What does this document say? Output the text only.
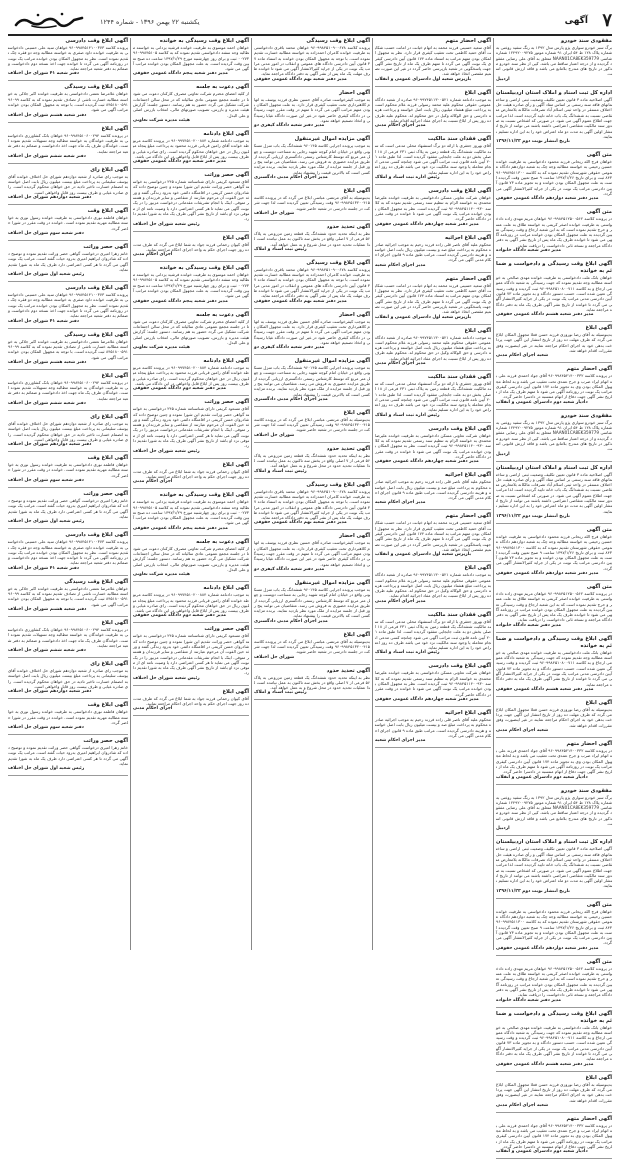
۷
آگهی
یکشنبه ۲۲ بهمن ۱۳۹۶ - شماره ۱۲۴۴
مفقودی سند خودرو
برگ سبز خودرو سواری پژو پارس مدل ۱۳۹۲ به رنگ سفید روغنی به شماره پلاک ۱۲۸ ط ۵۴ ایران ۹۱ شماره موتور ۱۲۴۹۲۰۰۹۲۷۵ شماره شاسی NAAN01CA8EK359779 متعلق به آقای علی رضایی مفقود گردیده و از درجه اعتبار ساقط می باشد. کپی از نظر سند خودرو مذکور در تاریخ های مندرج بلامانع می باشد و فاقد ارزش قانونی است.
اردبیل
اداره کل ثبت اسناد و املاک استان اردبیلستان
آگهی اصلاحیه ماده ۳ قانون تعیین تکلیف وضعیت ثبتی اراضی و ساختمانهای فاقد سند رسمی بر اساس مفاد آگهی و رأی صادره هیئت حل اختلاف مستقر در واحد ثبتی اسلام آباد تصرفات مالکانه بلامعارض متقاضی نسبت به ششدانگ یک باب خانه تایید گردیده است لذا مراتب جهت اطلاع عموم آگهی می شود. در صورتی که اشخاص نسبت به صدور سند مالکیت متقاضی اعتراضی داشته باشند می توانند از تاریخ انتشار اولین آگهی به مدت دو ماه اعتراض خود را به این اداره تسلیم نمایند.
تاریخ انتشار نوبت دوم ۱۳۹۶/۱۱/۲۲
متن آگهی
خواهان فرج الله ریحانی فرزند محمود دادخواستی به طرفیت خوانده حسین رحیمی به خواسته مطالبه وجه چک به شعبه دوازدهم دادگاه عمومی حقوقی شهرستان تقدیم نموده که به کلاسه ۹۶۰۹۹۸۴۵۱۱۳۰۰۸۴۳ ثبت و برای تاریخ ۱۳۹۷/۱/۲۶ ساعت ۹ صبح تعیین وقت گردیده است به علت مجهول المکان بودن خوانده و به تجویز ماده ۷۳ قانون آیین دادرسی مراتب یک نوبت در یکی از جراید کثیرالانتشار آگهی می گردد.
مدیر دفتر شعبه دوازدهم دادگاه عمومی حقوقی
متن آگهی
در پرونده کلاسه ۹۶۰۹۹۸۴۵۱۲۵۰۰۵۶۲ خواهان مریم مهدی زاده دادخواستی به طرفیت خوانده اصغر کریمی به خواسته طلاق به علت عسر و حرج تقدیم نموده است که به این شعبه ارجاع و وقت رسیدگی تعیین گردیده به علت مجهول المکان بودن خوانده مراتب در روزنامه آگهی می شود تا خوانده ظرف یک ماه پس از تاریخ نشر آگهی به دفتر دادگاه مراجعه و نسخه ثانی دادخواست را دریافت نماید.
مدیر دفتر شعبه دادگاه خانواده
آگهی ابلاغ وقت رسیدگی و دادخواست و ضمائم به خوانده
خواهان بانک ملت دادخواستی به طرفیت خوانده مهدی صالحی به خواسته مطالبه وجه تقدیم نموده که جهت رسیدگی به شعبه دادگاه عمومی ارجاع و به کلاسه ۹۶۰۹۹۸۴۵۱۰۸۰۰۷۱۱ ثبت گردیده و وقت رسیدگی تعیین شده است. حسب دستور دادگاه و به تجویز ماده ۷۳ قانون آیین دادرسی مدنی مراتب یک نوبت در یکی از جراید کثیرالانتشار آگهی می گردد تا خوانده از تاریخ نشر آگهی ظرف یک ماه به دفتر دادگاه مراجعه نماید.
مدیر دفتر شعبه هشتم دادگاه عمومی حقوقی
آگهی ابلاغ
بدینوسیله به آقای رضا نوروزی فرزند حسن فعلا مجهول المکان ابلاغ می گردد که ظرف مهلت ده روز از تاریخ انتشار این آگهی جهت پرداخت بدهی خود به اجرای احکام مراجعه نمایند در غیر اینصورت وفق مقررات اقدام خواهد شد.
شعبه اجرای احکام مدنی
آگهی احضار متهم
در پرونده کلاسه ۹۶۰۹۹۸۴۵۲۱۴۰۰۳۳۲ آقای جواد احمدی فرزند علی به اتهام ایراد ضرب و جرح عمدی تحت تعقیب می باشد و به لحاظ مجهول المکان بودن وی به تجویز ماده ۱۷۴ قانون آیین دادرسی کیفری مراتب یک نوبت در روزنامه آگهی می شود تا متهم ظرف یک ماه از تاریخ نشر آگهی جهت دفاع از اتهام منتسبه در دادسرا حاضر گردد.
دادیار شعبه دوم دادسرای عمومی و انقلاب
مفقودی سند خودرو
برگ سبز خودرو سواری پژو پارس مدل ۱۳۹۲ به رنگ سفید روغنی به شماره پلاک ۱۲۸ ط ۵۴ ایران ۹۱ شماره موتور ۱۲۴۹۲۰۰۹۲۷۵ شماره شاسی NAAN01CA8EK359779 متعلق به آقای علی رضایی مفقود گردیده و از درجه اعتبار ساقط می باشد. کپی از نظر سند خودرو مذکور در تاریخ های مندرج بلامانع می باشد و فاقد ارزش قانونی است.
اردبیل
اداره کل ثبت اسناد و املاک استان اردبیلستان
آگهی اصلاحیه ماده ۳ قانون تعیین تکلیف وضعیت ثبتی اراضی و ساختمانهای فاقد سند رسمی بر اساس مفاد آگهی و رأی صادره هیئت حل اختلاف مستقر در واحد ثبتی اسلام آباد تصرفات مالکانه بلامعارض متقاضی نسبت به ششدانگ یک باب خانه تایید گردیده است لذا مراتب جهت اطلاع عموم آگهی می شود. در صورتی که اشخاص نسبت به صدور سند مالکیت متقاضی اعتراضی داشته باشند می توانند از تاریخ انتشار اولین آگهی به مدت دو ماه اعتراض خود را به این اداره تسلیم نمایند.
تاریخ انتشار نوبت دوم ۱۳۹۶/۱۱/۲۲
متن آگهی
خواهان فرج الله ریحانی فرزند محمود دادخواستی به طرفیت خوانده حسین رحیمی به خواسته مطالبه وجه چک به شعبه دوازدهم دادگاه عمومی حقوقی شهرستان تقدیم نموده که به کلاسه ۹۶۰۹۹۸۴۵۱۱۳۰۰۸۴۳ ثبت و برای تاریخ ۱۳۹۷/۱/۲۶ ساعت ۹ صبح تعیین وقت گردیده است به علت مجهول المکان بودن خوانده و به تجویز ماده ۷۳ قانون آیین دادرسی مراتب یک نوبت در یکی از جراید کثیرالانتشار آگهی می گردد.
مدیر دفتر شعبه دوازدهم دادگاه عمومی حقوقی
متن آگهی
در پرونده کلاسه ۹۶۰۹۹۸۴۵۱۲۵۰۰۵۶۲ خواهان مریم مهدی زاده دادخواستی به طرفیت خوانده اصغر کریمی به خواسته طلاق به علت عسر و حرج تقدیم نموده است که به این شعبه ارجاع و وقت رسیدگی تعیین گردیده به علت مجهول المکان بودن خوانده مراتب در روزنامه آگهی می شود تا خوانده ظرف یک ماه پس از تاریخ نشر آگهی به دفتر دادگاه مراجعه و نسخه ثانی دادخواست را دریافت نماید.
مدیر دفتر شعبه دادگاه خانواده
آگهی ابلاغ وقت رسیدگی و دادخواست و ضمائم به خوانده
خواهان بانک ملت دادخواستی به طرفیت خوانده مهدی صالحی به خواسته مطالبه وجه تقدیم نموده که جهت رسیدگی به شعبه دادگاه عمومی ارجاع و به کلاسه ۹۶۰۹۹۸۴۵۱۰۸۰۰۷۱۱ ثبت گردیده و وقت رسیدگی تعیین شده است. حسب دستور دادگاه و به تجویز ماده ۷۳ قانون آیین دادرسی مدنی مراتب یک نوبت در یکی از جراید کثیرالانتشار آگهی می گردد تا خوانده از تاریخ نشر آگهی ظرف یک ماه به دفتر دادگاه مراجعه نماید.
مدیر دفتر شعبه هشتم دادگاه عمومی حقوقی
آگهی ابلاغ
بدینوسیله به آقای رضا نوروزی فرزند حسن فعلا مجهول المکان ابلاغ می گردد که ظرف مهلت ده روز از تاریخ انتشار این آگهی جهت پرداخت بدهی خود به اجرای احکام مراجعه نمایند در غیر اینصورت وفق مقررات اقدام خواهد شد.
شعبه اجرای احکام مدنی
آگهی احضار متهم
در پرونده کلاسه ۹۶۰۹۹۸۴۵۲۱۴۰۰۳۳۲ آقای جواد احمدی فرزند علی به اتهام ایراد ضرب و جرح عمدی تحت تعقیب می باشد و به لحاظ مجهول المکان بودن وی به تجویز ماده ۱۷۴ قانون آیین دادرسی کیفری مراتب یک نوبت در روزنامه آگهی می شود تا متهم ظرف یک ماه از تاریخ نشر آگهی جهت دفاع از اتهام منتسبه در دادسرا حاضر گردد.
دادیار شعبه دوم دادسرای عمومی و انقلاب
مفقودی سند خودرو
برگ سبز خودرو سواری پژو پارس مدل ۱۳۹۲ به رنگ سفید روغنی به شماره پلاک ۱۲۸ ط ۵۴ ایران ۹۱ شماره موتور ۱۲۴۹۲۰۰۹۲۷۵ شماره شاسی NAAN01CA8EK359779 متعلق به آقای علی رضایی مفقود گردیده و از درجه اعتبار ساقط می باشد. کپی از نظر سند خودرو مذکور در تاریخ های مندرج بلامانع می باشد و فاقد ارزش قانونی است.
اردبیل
اداره کل ثبت اسناد و املاک استان اردبیلستان
آگهی اصلاحیه ماده ۳ قانون تعیین تکلیف وضعیت ثبتی اراضی و ساختمانهای فاقد سند رسمی بر اساس مفاد آگهی و رأی صادره هیئت حل اختلاف مستقر در واحد ثبتی اسلام آباد تصرفات مالکانه بلامعارض متقاضی نسبت به ششدانگ یک باب خانه تایید گردیده است لذا مراتب جهت اطلاع عموم آگهی می شود. در صورتی که اشخاص نسبت به صدور سند مالکیت متقاضی اعتراضی داشته باشند می توانند از تاریخ انتشار اولین آگهی به مدت دو ماه اعتراض خود را به این اداره تسلیم نمایند.
تاریخ انتشار نوبت دوم ۱۳۹۶/۱۱/۲۲
متن آگهی
خواهان فرج الله ریحانی فرزند محمود دادخواستی به طرفیت خوانده حسین رحیمی به خواسته مطالبه وجه چک به شعبه دوازدهم دادگاه عمومی حقوقی شهرستان تقدیم نموده که به کلاسه ۹۶۰۹۹۸۴۵۱۱۳۰۰۸۴۳ ثبت و برای تاریخ ۱۳۹۷/۱/۲۶ ساعت ۹ صبح تعیین وقت گردیده است به علت مجهول المکان بودن خوانده و به تجویز ماده ۷۳ قانون آیین دادرسی مراتب یک نوبت در یکی از جراید کثیرالانتشار آگهی می گردد.
مدیر دفتر شعبه دوازدهم دادگاه عمومی حقوقی
متن آگهی
در پرونده کلاسه ۹۶۰۹۹۸۴۵۱۲۵۰۰۵۶۲ خواهان مریم مهدی زاده دادخواستی به طرفیت خوانده اصغر کریمی به خواسته طلاق به علت عسر و حرج تقدیم نموده است که به این شعبه ارجاع و وقت رسیدگی تعیین گردیده به علت مجهول المکان بودن خوانده مراتب در روزنامه آگهی می شود تا خوانده ظرف یک ماه پس از تاریخ نشر آگهی به دفتر دادگاه مراجعه و نسخه ثانی دادخواست را دریافت نماید.
مدیر دفتر شعبه دادگاه خانواده
آگهی ابلاغ وقت رسیدگی و دادخواست و ضمائم به خوانده
خواهان بانک ملت دادخواستی به طرفیت خوانده مهدی صالحی به خواسته مطالبه وجه تقدیم نموده که جهت رسیدگی به شعبه دادگاه عمومی ارجاع و به کلاسه ۹۶۰۹۹۸۴۵۱۰۸۰۰۷۱۱ ثبت گردیده و وقت رسیدگی تعیین شده است. حسب دستور دادگاه و به تجویز ماده ۷۳ قانون آیین دادرسی مدنی مراتب یک نوبت در یکی از جراید کثیرالانتشار آگهی می گردد تا خوانده از تاریخ نشر آگهی ظرف یک ماه به دفتر دادگاه مراجعه نماید.
مدیر دفتر شعبه هشتم دادگاه عمومی حقوقی
آگهی ابلاغ
بدینوسیله به آقای رضا نوروزی فرزند حسن فعلا مجهول المکان ابلاغ می گردد که ظرف مهلت ده روز از تاریخ انتشار این آگهی جهت پرداخت بدهی خود به اجرای احکام مراجعه نمایند در غیر اینصورت وفق مقررات اقدام خواهد شد.
شعبه اجرای احکام مدنی
آگهی احضار متهم
در پرونده کلاسه ۹۶۰۹۹۸۴۵۲۱۴۰۰۳۳۲ آقای جواد احمدی فرزند علی به اتهام ایراد ضرب و جرح عمدی تحت تعقیب می باشد و به لحاظ مجهول المکان بودن وی به تجویز ماده ۱۷۴ قانون آیین دادرسی کیفری مراتب یک نوبت در روزنامه آگهی می شود تا متهم ظرف یک ماه از تاریخ نشر آگهی جهت دفاع از اتهام منتسبه در دادسرا حاضر گردد.
دادیار شعبه دوم دادسرای عمومی و انقلاب
آگهی احضار متهم
آقای سعید حسینی فرزند محمد به اتهام خیانت در امانت حسب شکایت آقای حمید کاظمی تحت تعقیب کیفری قرار دارد. نظر به مجهول المکان بودن متهم مراتب به استناد ماده ۱۷۴ قانون آیین دادرسی کیفری یک نوبت آگهی می گردد تا متهم ظرف یک ماه از تاریخ نشر آگهی جهت پاسخگویی در شعبه بازپرسی حاضر گردد در غیر این صورت تصمیم مقتضی اتخاذ خواهد شد.
بازپرس شعبه اول دادسرای عمومی و انقلاب
آگهی ابلاغ
به موجب دادنامه شماره ۹۶۰۹۹۷۴۵۱۱۳۰۰۵۲۱ صادره از شعبه دادگاه عمومی حقوقی محکوم علیه محمد رسولی فرزند غلام محکوم است به پرداخت مبلغ هشتاد میلیون ریال بابت اصل خواسته و پرداخت هزینه دادرسی و حق الوکاله وکیل در حق محکوم له. محکوم علیه ظرف ده روز پس از ابلاغ نسبت به اجرای مفاد اجرائیه اقدام نماید.
مدیر اجرای احکام مدنی
آگهی فقدان سند مالکیت
آقای بهروز جعفری با ارائه دو برگ استشهاد محلی مدعی است که سند مالکیت ششدانگ یک قطعه زمین به پلاک ثبتی ۲۳۱ فرعی از ۱۸ اصلی بخش دو به علت جابجایی مفقود گردیده است. لذا طبق ماده ۱۲۰ آیین نامه قانون ثبت مراتب آگهی می شود چنانچه کسی مدعی انجام معامله یا وجود سند مالکیت نزد خود می باشد ظرف ده روز اعتراض خود را به این اداره تسلیم نماید.
رئیس اداره ثبت اسناد و املاک
آگهی ابلاغ وقت دادرسی
خواهان شرکت تعاونی مسکن دادخواستی به طرفیت خوانده علیرضا محمدی به خواسته الزام به تنظیم سند رسمی تقدیم نموده که به کلاسه ۹۶۰۹۹۸۴۵۱۱۴۰۰۹۳۰ ثبت گردیده است. نظر به مجهول المکان بودن خوانده مراتب یک نوبت آگهی می شود تا خوانده در وقت مقرر در دادگاه حاضر گردد.
مدیر دفتر شعبه چهاردهم دادگاه عمومی حقوقی
آگهی ابلاغ اجرائیه
محکوم علیه آقای ناصر قلی زاده فرزند رحیم به موجب اجرائیه صادره محکوم به پرداخت مبلغ صد و بیست میلیون ریال بابت اصل خواسته و هزینه دادرسی گردیده است. مراتب طبق ماده ۹ قانون اجرای احکام مدنی آگهی می گردد.
مدیر اجرای احکام شعبه
آگهی احضار متهم
آقای سعید حسینی فرزند محمد به اتهام خیانت در امانت حسب شکایت آقای حمید کاظمی تحت تعقیب کیفری قرار دارد. نظر به مجهول المکان بودن متهم مراتب به استناد ماده ۱۷۴ قانون آیین دادرسی کیفری یک نوبت آگهی می گردد تا متهم ظرف یک ماه از تاریخ نشر آگهی جهت پاسخگویی در شعبه بازپرسی حاضر گردد در غیر این صورت تصمیم مقتضی اتخاذ خواهد شد.
بازپرس شعبه اول دادسرای عمومی و انقلاب
آگهی ابلاغ
به موجب دادنامه شماره ۹۶۰۹۹۷۴۵۱۱۳۰۰۵۲۱ صادره از شعبه دادگاه عمومی حقوقی محکوم علیه محمد رسولی فرزند غلام محکوم است به پرداخت مبلغ هشتاد میلیون ریال بابت اصل خواسته و پرداخت هزینه دادرسی و حق الوکاله وکیل در حق محکوم له. محکوم علیه ظرف ده روز پس از ابلاغ نسبت به اجرای مفاد اجرائیه اقدام نماید.
مدیر اجرای احکام مدنی
آگهی فقدان سند مالکیت
آقای بهروز جعفری با ارائه دو برگ استشهاد محلی مدعی است که سند مالکیت ششدانگ یک قطعه زمین به پلاک ثبتی ۲۳۱ فرعی از ۱۸ اصلی بخش دو به علت جابجایی مفقود گردیده است. لذا طبق ماده ۱۲۰ آیین نامه قانون ثبت مراتب آگهی می شود چنانچه کسی مدعی انجام معامله یا وجود سند مالکیت نزد خود می باشد ظرف ده روز اعتراض خود را به این اداره تسلیم نماید.
رئیس اداره ثبت اسناد و املاک
آگهی ابلاغ وقت دادرسی
خواهان شرکت تعاونی مسکن دادخواستی به طرفیت خوانده علیرضا محمدی به خواسته الزام به تنظیم سند رسمی تقدیم نموده که به کلاسه ۹۶۰۹۹۸۴۵۱۱۴۰۰۹۳۰ ثبت گردیده است. نظر به مجهول المکان بودن خوانده مراتب یک نوبت آگهی می شود تا خوانده در وقت مقرر در دادگاه حاضر گردد.
مدیر دفتر شعبه چهاردهم دادگاه عمومی حقوقی
آگهی ابلاغ اجرائیه
محکوم علیه آقای ناصر قلی زاده فرزند رحیم به موجب اجرائیه صادره محکوم به پرداخت مبلغ صد و بیست میلیون ریال بابت اصل خواسته و هزینه دادرسی گردیده است. مراتب طبق ماده ۹ قانون اجرای احکام مدنی آگهی می گردد.
مدیر اجرای احکام شعبه
آگهی احضار متهم
آقای سعید حسینی فرزند محمد به اتهام خیانت در امانت حسب شکایت آقای حمید کاظمی تحت تعقیب کیفری قرار دارد. نظر به مجهول المکان بودن متهم مراتب به استناد ماده ۱۷۴ قانون آیین دادرسی کیفری یک نوبت آگهی می گردد تا متهم ظرف یک ماه از تاریخ نشر آگهی جهت پاسخگویی در شعبه بازپرسی حاضر گردد در غیر این صورت تصمیم مقتضی اتخاذ خواهد شد.
بازپرس شعبه اول دادسرای عمومی و انقلاب
آگهی ابلاغ
به موجب دادنامه شماره ۹۶۰۹۹۷۴۵۱۱۳۰۰۵۲۱ صادره از شعبه دادگاه عمومی حقوقی محکوم علیه محمد رسولی فرزند غلام محکوم است به پرداخت مبلغ هشتاد میلیون ریال بابت اصل خواسته و پرداخت هزینه دادرسی و حق الوکاله وکیل در حق محکوم له. محکوم علیه ظرف ده روز پس از ابلاغ نسبت به اجرای مفاد اجرائیه اقدام نماید.
مدیر اجرای احکام مدنی
آگهی فقدان سند مالکیت
آقای بهروز جعفری با ارائه دو برگ استشهاد محلی مدعی است که سند مالکیت ششدانگ یک قطعه زمین به پلاک ثبتی ۲۳۱ فرعی از ۱۸ اصلی بخش دو به علت جابجایی مفقود گردیده است. لذا طبق ماده ۱۲۰ آیین نامه قانون ثبت مراتب آگهی می شود چنانچه کسی مدعی انجام معامله یا وجود سند مالکیت نزد خود می باشد ظرف ده روز اعتراض خود را به این اداره تسلیم نماید.
رئیس اداره ثبت اسناد و املاک
آگهی ابلاغ وقت دادرسی
خواهان شرکت تعاونی مسکن دادخواستی به طرفیت خوانده علیرضا محمدی به خواسته الزام به تنظیم سند رسمی تقدیم نموده که به کلاسه ۹۶۰۹۹۸۴۵۱۱۴۰۰۹۳۰ ثبت گردیده است. نظر به مجهول المکان بودن خوانده مراتب یک نوبت آگهی می شود تا خوانده در وقت مقرر در دادگاه حاضر گردد.
مدیر دفتر شعبه چهاردهم دادگاه عمومی حقوقی
آگهی ابلاغ اجرائیه
محکوم علیه آقای ناصر قلی زاده فرزند رحیم به موجب اجرائیه صادره محکوم به پرداخت مبلغ صد و بیست میلیون ریال بابت اصل خواسته و هزینه دادرسی گردیده است. مراتب طبق ماده ۹ قانون اجرای احکام مدنی آگهی می گردد.
مدیر اجرای احکام شعبه
آگهی ابلاغ وقت رسیدگی
پرونده کلاسه ۹۶۰۹۹۸۴۵۱۰۹۰۰۶۷۸ خواهان محمد باقری دادخواستی به طرفیت خوانده کامران احمدزاده به خواسته مطالبه خسارت تقدیم نموده است. با توجه به مجهول المکان بودن خوانده به استناد ماده ۷۳ قانون آیین دادرسی دادگاه های عمومی و انقلاب در امور مدنی مراتب یک نوبت در یکی از جراید کثیرالانتشار آگهی می شود تا خوانده ظرف مهلت یک ماه پس از نشر آگهی به دفتر دادگاه مراجعه نماید.
مدیر دفتر شعبه نهم دادگاه عمومی حقوقی
آگهی احضار
به موجب کیفرخواست صادره آقای حسین نظری فرزند یوسف به اتهام کلاهبرداری تحت تعقیب کیفری قرار دارد. به علت مجهول المکان بودن متهم مراتب آگهی می گردد تا متهم در وقت مقرر جهت رسیدگی در دادگاه کیفری حاضر شود در غیر این صورت دادگاه غیابا رسیدگی و اتخاذ تصمیم خواهد نمود.
مدیر دفتر شعبه دادگاه کیفری دو
آگهی مزایده اموال غیرمنقول
به موجب پرونده اجرایی کلاسه ۹۶۰۱۴۵ ششدانگ یک باب منزل مسکونی واقع در خیابان امام کوچه شهید رجایی به مساحت دویست و چهل متر مربع که توسط کارشناس رسمی دادگستری ارزیابی گردیده از طریق مزایده حضوری به فروش می رسد. متقاضیان می توانند پنج روز قبل از جلسه مزایده از ملک مورد نظر بازدید نمایند. برنده مزایده کسی است که بالاترین قیمت را پیشنهاد نماید.
مدیر اجرای احکام مدنی دادگستری
آگهی ابلاغ
بدینوسیله به آقای مرتضی عباسی ابلاغ می گردد که در پرونده کلاسه ۹۶۰۹۹۸۴۵۱۳۲۰۰۴۱۵ وقت رسیدگی تعیین گردیده است لذا جهت شرکت در جلسه دادرسی در شعبه حاضر شوید.
شورای حل اختلاف
آگهی تحدید حدود
نظر به اینکه تحدید حدود ششدانگ یک قطعه زمین مزروعی به پلاک ۵۶ فرعی از ۷ اصلی واقع در بخش سه تاکنون به عمل نیامده است لذا عملیات تحدید حدود در محل شروع و به عمل خواهد آمد.
رئیس ثبت اسناد و املاک
آگهی ابلاغ وقت رسیدگی
پرونده کلاسه ۹۶۰۹۹۸۴۵۱۰۹۰۰۶۷۸ خواهان محمد باقری دادخواستی به طرفیت خوانده کامران احمدزاده به خواسته مطالبه خسارت تقدیم نموده است. با توجه به مجهول المکان بودن خوانده به استناد ماده ۷۳ قانون آیین دادرسی دادگاه های عمومی و انقلاب در امور مدنی مراتب یک نوبت در یکی از جراید کثیرالانتشار آگهی می شود تا خوانده ظرف مهلت یک ماه پس از نشر آگهی به دفتر دادگاه مراجعه نماید.
مدیر دفتر شعبه نهم دادگاه عمومی حقوقی
آگهی احضار
به موجب کیفرخواست صادره آقای حسین نظری فرزند یوسف به اتهام کلاهبرداری تحت تعقیب کیفری قرار دارد. به علت مجهول المکان بودن متهم مراتب آگهی می گردد تا متهم در وقت مقرر جهت رسیدگی در دادگاه کیفری حاضر شود در غیر این صورت دادگاه غیابا رسیدگی و اتخاذ تصمیم خواهد نمود.
مدیر دفتر شعبه دادگاه کیفری دو
آگهی مزایده اموال غیرمنقول
به موجب پرونده اجرایی کلاسه ۹۶۰۱۴۵ ششدانگ یک باب منزل مسکونی واقع در خیابان امام کوچه شهید رجایی به مساحت دویست و چهل متر مربع که توسط کارشناس رسمی دادگستری ارزیابی گردیده از طریق مزایده حضوری به فروش می رسد. متقاضیان می توانند پنج روز قبل از جلسه مزایده از ملک مورد نظر بازدید نمایند. برنده مزایده کسی است که بالاترین قیمت را پیشنهاد نماید.
مدیر اجرای احکام مدنی دادگستری
آگهی ابلاغ
بدینوسیله به آقای مرتضی عباسی ابلاغ می گردد که در پرونده کلاسه ۹۶۰۹۹۸۴۵۱۳۲۰۰۴۱۵ وقت رسیدگی تعیین گردیده است لذا جهت شرکت در جلسه دادرسی در شعبه حاضر شوید.
شورای حل اختلاف
آگهی تحدید حدود
نظر به اینکه تحدید حدود ششدانگ یک قطعه زمین مزروعی به پلاک ۵۶ فرعی از ۷ اصلی واقع در بخش سه تاکنون به عمل نیامده است لذا عملیات تحدید حدود در محل شروع و به عمل خواهد آمد.
رئیس ثبت اسناد و املاک
آگهی ابلاغ وقت رسیدگی
پرونده کلاسه ۹۶۰۹۹۸۴۵۱۰۹۰۰۶۷۸ خواهان محمد باقری دادخواستی به طرفیت خوانده کامران احمدزاده به خواسته مطالبه خسارت تقدیم نموده است. با توجه به مجهول المکان بودن خوانده به استناد ماده ۷۳ قانون آیین دادرسی دادگاه های عمومی و انقلاب در امور مدنی مراتب یک نوبت در یکی از جراید کثیرالانتشار آگهی می شود تا خوانده ظرف مهلت یک ماه پس از نشر آگهی به دفتر دادگاه مراجعه نماید.
مدیر دفتر شعبه نهم دادگاه عمومی حقوقی
آگهی احضار
به موجب کیفرخواست صادره آقای حسین نظری فرزند یوسف به اتهام کلاهبرداری تحت تعقیب کیفری قرار دارد. به علت مجهول المکان بودن متهم مراتب آگهی می گردد تا متهم در وقت مقرر جهت رسیدگی در دادگاه کیفری حاضر شود در غیر این صورت دادگاه غیابا رسیدگی و اتخاذ تصمیم خواهد نمود.
مدیر دفتر شعبه دادگاه کیفری دو
آگهی مزایده اموال غیرمنقول
به موجب پرونده اجرایی کلاسه ۹۶۰۱۴۵ ششدانگ یک باب منزل مسکونی واقع در خیابان امام کوچه شهید رجایی به مساحت دویست و چهل متر مربع که توسط کارشناس رسمی دادگستری ارزیابی گردیده از طریق مزایده حضوری به فروش می رسد. متقاضیان می توانند پنج روز قبل از جلسه مزایده از ملک مورد نظر بازدید نمایند. برنده مزایده کسی است که بالاترین قیمت را پیشنهاد نماید.
مدیر اجرای احکام مدنی دادگستری
آگهی ابلاغ
بدینوسیله به آقای مرتضی عباسی ابلاغ می گردد که در پرونده کلاسه ۹۶۰۹۹۸۴۵۱۳۲۰۰۴۱۵ وقت رسیدگی تعیین گردیده است لذا جهت شرکت در جلسه دادرسی در شعبه حاضر شوید.
شورای حل اختلاف
آگهی تحدید حدود
نظر به اینکه تحدید حدود ششدانگ یک قطعه زمین مزروعی به پلاک ۵۶ فرعی از ۷ اصلی واقع در بخش سه تاکنون به عمل نیامده است لذا عملیات تحدید حدود در محل شروع و به عمل خواهد آمد.
رئیس ثبت اسناد و املاک
آگهی ابلاغ وقت رسیدگی به خوانده
خواهان احمد موسوی به طرفیت خوانده فرشید یزدانی به خواسته مطالبه وجه سفته دادخواستی تقدیم نموده که به کلاسه ۹۶۰۹۹۸۴۵۱۰۵۰۰۲۷۳ ثبت و برای روز چهارشنبه مورخ ۱۳۹۷/۱/۲۹ ساعت ده صبح تعیین وقت گردیده است. به علت مجهول المکان بودن خوانده مراتب آگهی می شود.
مدیر دفتر شعبه پنجم دادگاه عمومی حقوقی
آگهی دعوت به جلسه
از کلیه اعضای محترم شرکت تعاونی مصرف کارکنان دعوت می شود تا در جلسه مجمع عمومی عادی سالیانه که در محل سالن اجتماعات شرکت تشکیل می گردد حضور به هم رسانند. دستور جلسه: گزارش هیئت مدیره و بازرس، تصویب صورتهای مالی، انتخاب بازرس اصلی و علی البدل.
هیئت مدیره شرکت تعاونی
آگهی ابلاغ دادنامه
به موجب دادنامه شماره ۹۶۰۹۹۷۴۵۱۰۲۰۰۸۸۴ در پرونده کلاسه مربوطه خوانده آقای رامین قربانی فرزند محمود به پرداخت مبلغ پنجاه میلیون ریال در حق خواهان محکوم گردیده است. رای صادره غیابی و ظرف بیست روز پس از ابلاغ قابل واخواهی در این دادگاه می باشد.
مدیر دفتر شعبه دوم دادگاه عمومی حقوقی
آگهی حصر وراثت
آقای مسعود کریمی دارای شناسنامه شماره ۲۴۵ درخواستی به خواسته گواهی حصر وراثت تقدیم این شورا نموده و چنین توضیح داده که شادروان حسن کریمی در اقامتگاه دائمی خود بدرود زندگی گفته و ورثه حین الفوت آن مرحوم عبارتند از متقاضی و سایر فرزندان و همسر متوفی. اینک با انجام تشریفات مقدماتی درخواست مزبور را در یک نوبت آگهی می نماید تا هر کسی اعتراضی دارد یا وصیت نامه ای از متوفی نزد او باشد از تاریخ نشر آگهی ظرف یک ماه به شورا تقدیم دارد.
رئیس شعبه شورای حل اختلاف
آگهی ابلاغ
آقای کیوان رحمانی فرزند جواد به شما ابلاغ می گردد که ظرف مدت ده روز جهت اجرای حکم به واحد اجرای احکام مراجعه نمایید.
اجرای احکام مدنی
آگهی ابلاغ وقت رسیدگی به خوانده
خواهان احمد موسوی به طرفیت خوانده فرشید یزدانی به خواسته مطالبه وجه سفته دادخواستی تقدیم نموده که به کلاسه ۹۶۰۹۹۸۴۵۱۰۵۰۰۲۷۳ ثبت و برای روز چهارشنبه مورخ ۱۳۹۷/۱/۲۹ ساعت ده صبح تعیین وقت گردیده است. به علت مجهول المکان بودن خوانده مراتب آگهی می شود.
مدیر دفتر شعبه پنجم دادگاه عمومی حقوقی
آگهی دعوت به جلسه
از کلیه اعضای محترم شرکت تعاونی مصرف کارکنان دعوت می شود تا در جلسه مجمع عمومی عادی سالیانه که در محل سالن اجتماعات شرکت تشکیل می گردد حضور به هم رسانند. دستور جلسه: گزارش هیئت مدیره و بازرس، تصویب صورتهای مالی، انتخاب بازرس اصلی و علی البدل.
هیئت مدیره شرکت تعاونی
آگهی ابلاغ دادنامه
به موجب دادنامه شماره ۹۶۰۹۹۷۴۵۱۰۲۰۰۸۸۴ در پرونده کلاسه مربوطه خوانده آقای رامین قربانی فرزند محمود به پرداخت مبلغ پنجاه میلیون ریال در حق خواهان محکوم گردیده است. رای صادره غیابی و ظرف بیست روز پس از ابلاغ قابل واخواهی در این دادگاه می باشد.
مدیر دفتر شعبه دوم دادگاه عمومی حقوقی
آگهی حصر وراثت
آقای مسعود کریمی دارای شناسنامه شماره ۲۴۵ درخواستی به خواسته گواهی حصر وراثت تقدیم این شورا نموده و چنین توضیح داده که شادروان حسن کریمی در اقامتگاه دائمی خود بدرود زندگی گفته و ورثه حین الفوت آن مرحوم عبارتند از متقاضی و سایر فرزندان و همسر متوفی. اینک با انجام تشریفات مقدماتی درخواست مزبور را در یک نوبت آگهی می نماید تا هر کسی اعتراضی دارد یا وصیت نامه ای از متوفی نزد او باشد از تاریخ نشر آگهی ظرف یک ماه به شورا تقدیم دارد.
رئیس شعبه شورای حل اختلاف
آگهی ابلاغ
آقای کیوان رحمانی فرزند جواد به شما ابلاغ می گردد که ظرف مدت ده روز جهت اجرای حکم به واحد اجرای احکام مراجعه نمایید.
اجرای احکام مدنی
آگهی ابلاغ وقت رسیدگی به خوانده
خواهان احمد موسوی به طرفیت خوانده فرشید یزدانی به خواسته مطالبه وجه سفته دادخواستی تقدیم نموده که به کلاسه ۹۶۰۹۹۸۴۵۱۰۵۰۰۲۷۳ ثبت و برای روز چهارشنبه مورخ ۱۳۹۷/۱/۲۹ ساعت ده صبح تعیین وقت گردیده است. به علت مجهول المکان بودن خوانده مراتب آگهی می شود.
مدیر دفتر شعبه پنجم دادگاه عمومی حقوقی
آگهی دعوت به جلسه
از کلیه اعضای محترم شرکت تعاونی مصرف کارکنان دعوت می شود تا در جلسه مجمع عمومی عادی سالیانه که در محل سالن اجتماعات شرکت تشکیل می گردد حضور به هم رسانند. دستور جلسه: گزارش هیئت مدیره و بازرس، تصویب صورتهای مالی، انتخاب بازرس اصلی و علی البدل.
هیئت مدیره شرکت تعاونی
آگهی ابلاغ دادنامه
به موجب دادنامه شماره ۹۶۰۹۹۷۴۵۱۰۲۰۰۸۸۴ در پرونده کلاسه مربوطه خوانده آقای رامین قربانی فرزند محمود به پرداخت مبلغ پنجاه میلیون ریال در حق خواهان محکوم گردیده است. رای صادره غیابی و ظرف بیست روز پس از ابلاغ قابل واخواهی در این دادگاه می باشد.
مدیر دفتر شعبه دوم دادگاه عمومی حقوقی
آگهی حصر وراثت
آقای مسعود کریمی دارای شناسنامه شماره ۲۴۵ درخواستی به خواسته گواهی حصر وراثت تقدیم این شورا نموده و چنین توضیح داده که شادروان حسن کریمی در اقامتگاه دائمی خود بدرود زندگی گفته و ورثه حین الفوت آن مرحوم عبارتند از متقاضی و سایر فرزندان و همسر متوفی. اینک با انجام تشریفات مقدماتی درخواست مزبور را در یک نوبت آگهی می نماید تا هر کسی اعتراضی دارد یا وصیت نامه ای از متوفی نزد او باشد از تاریخ نشر آگهی ظرف یک ماه به شورا تقدیم دارد.
رئیس شعبه شورای حل اختلاف
آگهی ابلاغ
آقای کیوان رحمانی فرزند جواد به شما ابلاغ می گردد که ظرف مدت ده روز جهت اجرای حکم به واحد اجرای احکام مراجعه نمایید.
اجرای احکام مدنی
آگهی ابلاغ وقت دادرسی
پرونده کلاسه ۹۶۰۹۹۸۴۵۱۴۱۰۰۳۷۳ خواهان سید علی حسینی دادخواستی به طرفیت خوانده داود صفری به خواسته مطالبه وجه دو فقره چک تقدیم نموده است. نظر به مجهول المکان بودن خوانده مراتب یک نوبت در روزنامه آگهی می گردد تا خوانده جهت اخذ نسخه دوم دادخواست و ضمائم به دفتر شعبه مراجعه نماید.
دفتر شعبه ۴۱ شورای حل اختلاف
آگهی ابلاغ وقت رسیدگی
خواهان غلامرضا نعمتی دادخواستی به طرفیت خوانده اکبر جلالی به خواسته مطالبه خسارت ناشی از تصادف تقدیم نموده که به کلاسه ۹۶۰۹۹۸۴۵۱۸۰۰۵۹۱ ثبت گردیده است. با توجه به مجهول المکان بودن خوانده مراتب آگهی می شود.
دفتر شعبه هشتم شورای حل اختلاف
آگهی ابلاغ
در پرونده کلاسه ۹۶۰۹۹۸۴۵۱۰۶۰۰۲۹۴ خواهان بانک کشاورزی دادخواستی به طرفیت خواندگان به خواسته مطالبه وجه تسهیلات تقدیم نموده است. خواندگان ظرف یک ماه جهت اخذ دادخواست و ضمائم به دفتر شعبه مراجعه نمایند.
دفتر شعبه ششم شورای حل اختلاف
آگهی ابلاغ رای
به موجب رای صادره از شعبه دوازدهم شورای حل اختلاف خوانده آقای یوسف سلیمانی به پرداخت مبلغ بیست میلیون ریال بابت اصل خواسته به انضمام خسارت تاخیر تادیه در حق خواهان محکوم گردیده است. رای صادره غیابی و ظرف بیست روز قابل واخواهی است.
دفتر شعبه دوازدهم شورای حل اختلاف
آگهی ابلاغ وقت
خواهان فاطمه نوری دادخواستی به طرفیت خوانده رسول نوری به خواسته مطالبه مهریه تقدیم نموده است. خوانده در وقت مقرر در شورا حاضر گردد.
دفتر شعبه سوم شورای حل اختلاف
آگهی حصر وراثت
خانم زهرا امیری درخواست گواهی حصر وراثت تقدیم نموده و توضیح داده که شادروان ابراهیم امیری بدرود حیات گفته است. مراتب یک نوبت آگهی می گردد تا هر کسی اعتراضی دارد ظرف یک ماه به شورا تقدیم نماید.
رئیس شعبه اول شورای حل اختلاف
آگهی ابلاغ وقت دادرسی
پرونده کلاسه ۹۶۰۹۹۸۴۵۱۴۱۰۰۳۷۳ خواهان سید علی حسینی دادخواستی به طرفیت خوانده داود صفری به خواسته مطالبه وجه دو فقره چک تقدیم نموده است. نظر به مجهول المکان بودن خوانده مراتب یک نوبت در روزنامه آگهی می گردد تا خوانده جهت اخذ نسخه دوم دادخواست و ضمائم به دفتر شعبه مراجعه نماید.
دفتر شعبه ۴۱ شورای حل اختلاف
آگهی ابلاغ وقت رسیدگی
خواهان غلامرضا نعمتی دادخواستی به طرفیت خوانده اکبر جلالی به خواسته مطالبه خسارت ناشی از تصادف تقدیم نموده که به کلاسه ۹۶۰۹۹۸۴۵۱۸۰۰۵۹۱ ثبت گردیده است. با توجه به مجهول المکان بودن خوانده مراتب آگهی می شود.
دفتر شعبه هشتم شورای حل اختلاف
آگهی ابلاغ
در پرونده کلاسه ۹۶۰۹۹۸۴۵۱۰۶۰۰۲۹۴ خواهان بانک کشاورزی دادخواستی به طرفیت خواندگان به خواسته مطالبه وجه تسهیلات تقدیم نموده است. خواندگان ظرف یک ماه جهت اخذ دادخواست و ضمائم به دفتر شعبه مراجعه نمایند.
دفتر شعبه ششم شورای حل اختلاف
آگهی ابلاغ رای
به موجب رای صادره از شعبه دوازدهم شورای حل اختلاف خوانده آقای یوسف سلیمانی به پرداخت مبلغ بیست میلیون ریال بابت اصل خواسته به انضمام خسارت تاخیر تادیه در حق خواهان محکوم گردیده است. رای صادره غیابی و ظرف بیست روز قابل واخواهی است.
دفتر شعبه دوازدهم شورای حل اختلاف
آگهی ابلاغ وقت
خواهان فاطمه نوری دادخواستی به طرفیت خوانده رسول نوری به خواسته مطالبه مهریه تقدیم نموده است. خوانده در وقت مقرر در شورا حاضر گردد.
دفتر شعبه سوم شورای حل اختلاف
آگهی حصر وراثت
خانم زهرا امیری درخواست گواهی حصر وراثت تقدیم نموده و توضیح داده که شادروان ابراهیم امیری بدرود حیات گفته است. مراتب یک نوبت آگهی می گردد تا هر کسی اعتراضی دارد ظرف یک ماه به شورا تقدیم نماید.
رئیس شعبه اول شورای حل اختلاف
آگهی ابلاغ وقت دادرسی
پرونده کلاسه ۹۶۰۹۹۸۴۵۱۴۱۰۰۳۷۳ خواهان سید علی حسینی دادخواستی به طرفیت خوانده داود صفری به خواسته مطالبه وجه دو فقره چک تقدیم نموده است. نظر به مجهول المکان بودن خوانده مراتب یک نوبت در روزنامه آگهی می گردد تا خوانده جهت اخذ نسخه دوم دادخواست و ضمائم به دفتر شعبه مراجعه نماید.
دفتر شعبه ۴۱ شورای حل اختلاف
آگهی ابلاغ وقت رسیدگی
خواهان غلامرضا نعمتی دادخواستی به طرفیت خوانده اکبر جلالی به خواسته مطالبه خسارت ناشی از تصادف تقدیم نموده که به کلاسه ۹۶۰۹۹۸۴۵۱۸۰۰۵۹۱ ثبت گردیده است. با توجه به مجهول المکان بودن خوانده مراتب آگهی می شود.
دفتر شعبه هشتم شورای حل اختلاف
آگهی ابلاغ
در پرونده کلاسه ۹۶۰۹۹۸۴۵۱۰۶۰۰۲۹۴ خواهان بانک کشاورزی دادخواستی به طرفیت خواندگان به خواسته مطالبه وجه تسهیلات تقدیم نموده است. خواندگان ظرف یک ماه جهت اخذ دادخواست و ضمائم به دفتر شعبه مراجعه نمایند.
دفتر شعبه ششم شورای حل اختلاف
آگهی ابلاغ رای
به موجب رای صادره از شعبه دوازدهم شورای حل اختلاف خوانده آقای یوسف سلیمانی به پرداخت مبلغ بیست میلیون ریال بابت اصل خواسته به انضمام خسارت تاخیر تادیه در حق خواهان محکوم گردیده است. رای صادره غیابی و ظرف بیست روز قابل واخواهی است.
دفتر شعبه دوازدهم شورای حل اختلاف
آگهی ابلاغ وقت
خواهان فاطمه نوری دادخواستی به طرفیت خوانده رسول نوری به خواسته مطالبه مهریه تقدیم نموده است. خوانده در وقت مقرر در شورا حاضر گردد.
دفتر شعبه سوم شورای حل اختلاف
آگهی حصر وراثت
خانم زهرا امیری درخواست گواهی حصر وراثت تقدیم نموده و توضیح داده که شادروان ابراهیم امیری بدرود حیات گفته است. مراتب یک نوبت آگهی می گردد تا هر کسی اعتراضی دارد ظرف یک ماه به شورا تقدیم نماید.
رئیس شعبه اول شورای حل اختلاف
